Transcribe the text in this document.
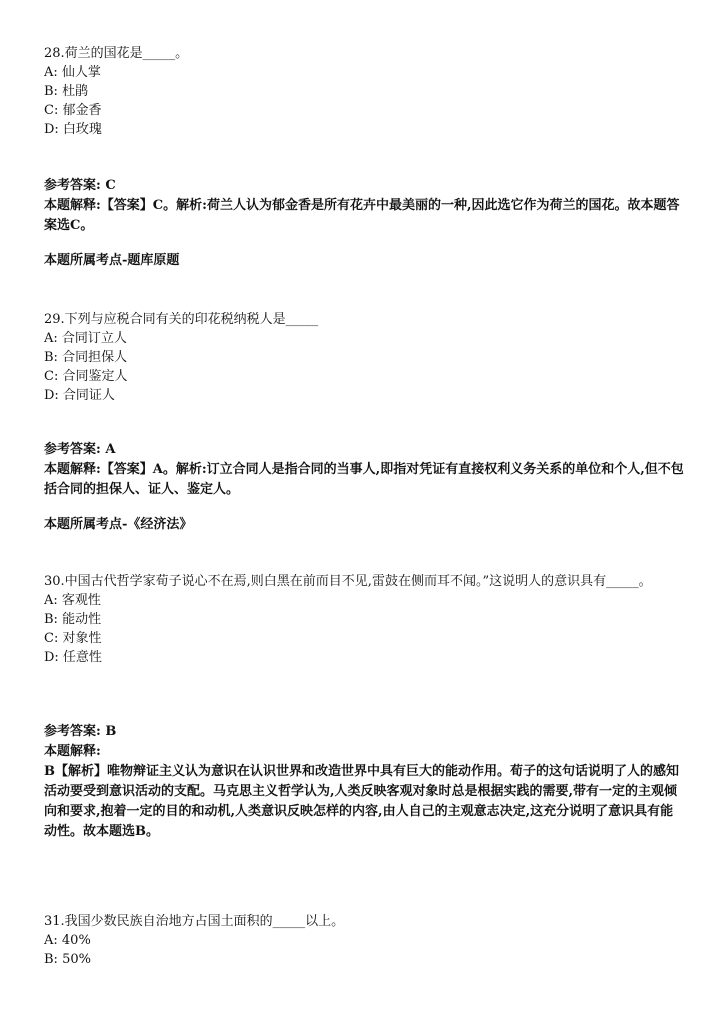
28.荷兰的国花是_____。
A: 仙人掌
B: 杜鹃
C: 郁金香
D: 白玫瑰
参考答案: C
本题解释:【答案】C。解析:荷兰人认为郁金香是所有花卉中最美丽的一种,因此选它作为荷兰的国花。故本题答案选C。
本题所属考点-题库原题
29.下列与应税合同有关的印花税纳税人是_____
A: 合同订立人
B: 合同担保人
C: 合同鉴定人
D: 合同证人
参考答案: A
本题解释:【答案】A。解析:订立合同人是指合同的当事人,即指对凭证有直接权利义务关系的单位和个人,但不包括合同的担保人、证人、鉴定人。
本题所属考点-《经济法》
30.中国古代哲学家荀子说心不在焉,则白黑在前而目不见,雷鼓在侧而耳不闻。”这说明人的意识具有_____。
A: 客观性
B: 能动性
C: 对象性
D: 任意性
参考答案: B
本题解释:
B【解析】唯物辩证主义认为意识在认识世界和改造世界中具有巨大的能动作用。荀子的这句话说明了人的感知活动要受到意识活动的支配。马克思主义哲学认为,人类反映客观对象时总是根据实践的需要,带有一定的主观倾向和要求,抱着一定的目的和动机,人类意识反映怎样的内容,由人自己的主观意志决定,这充分说明了意识具有能动性。故本题选B。
31.我国少数民族自治地方占国土面积的_____以上。
A: 40%
B: 50%
